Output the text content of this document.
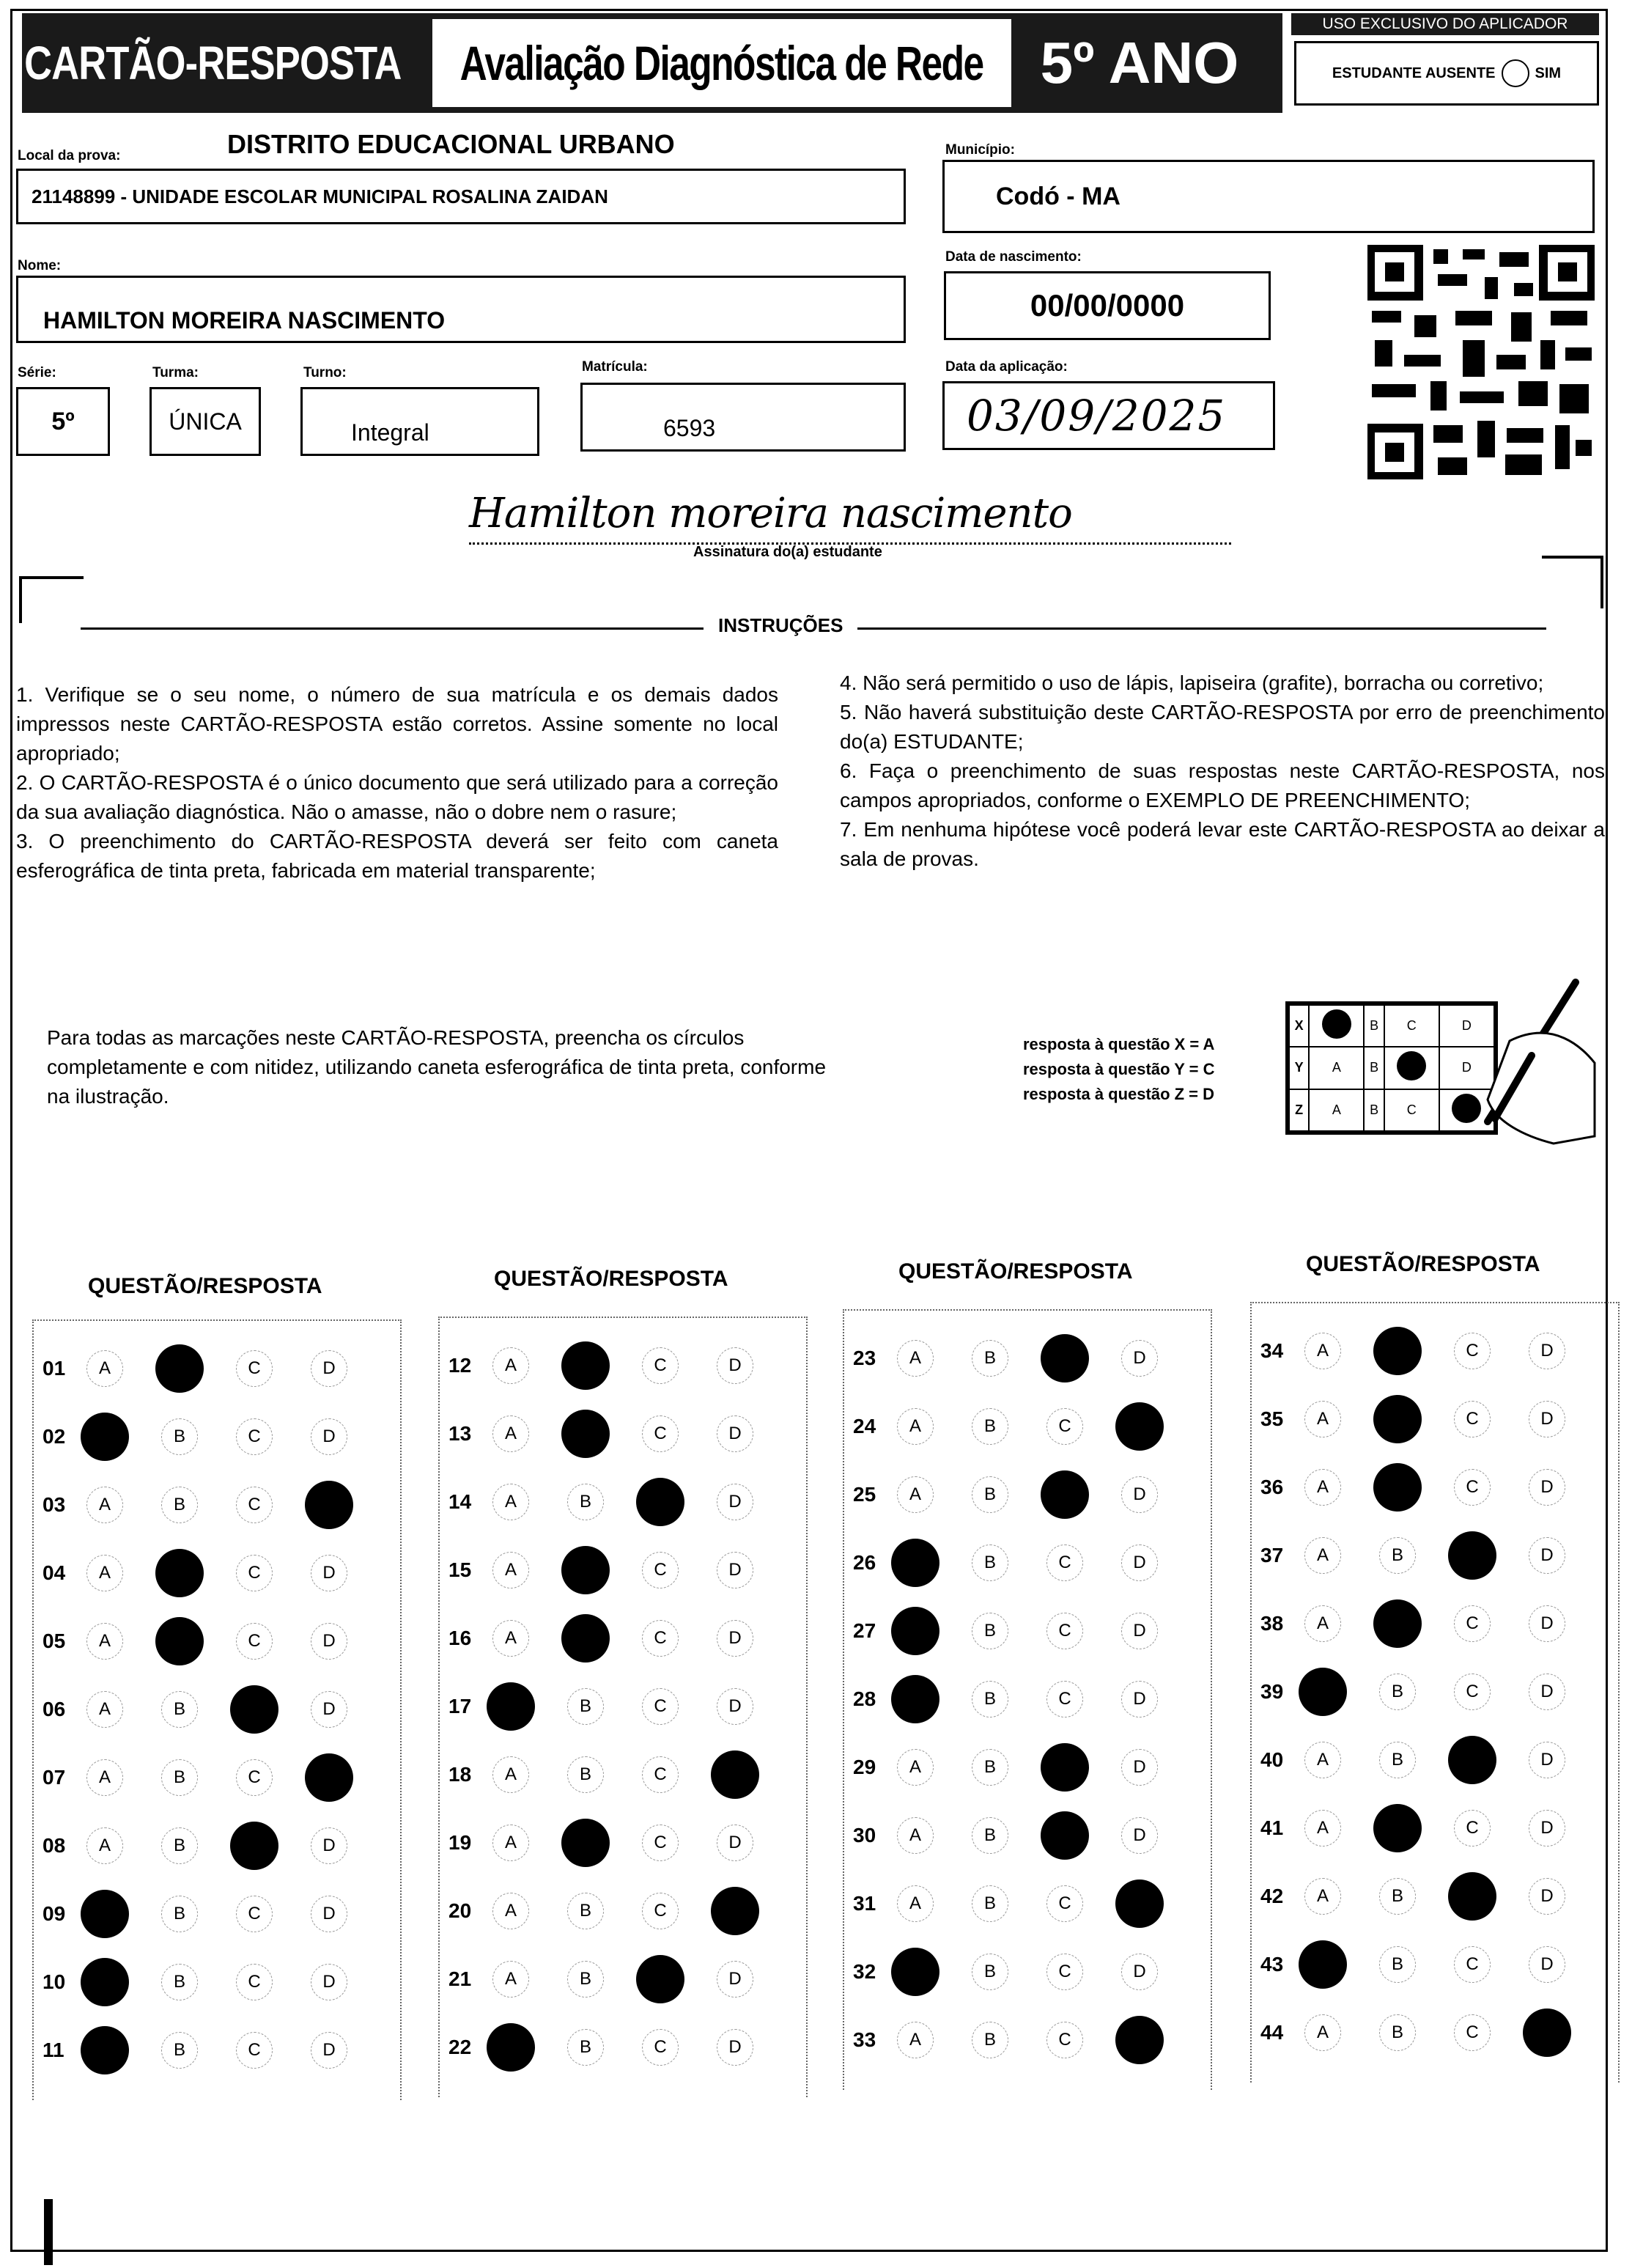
CARTÃO-RESPOSTA Avaliação Diagnóstica de Rede 5º ANO
USO EXCLUSIVO DO APLICADOR
ESTUDANTE AUSENTE	SIM
Local da prova:	DISTRITO EDUCACIONAL URBANO
21148899 - UNIDADE ESCOLAR MUNICIPAL ROSALINA ZAIDAN
Município:
Codó - MA
Nome:
HAMILTON MOREIRA NASCIMENTO
Data de nascimento:
00/00/0000
Série:
5º
Turma:
ÚNICA
Turno:
Integral
Matrícula:
6593
Data da aplicação:
03/09/2025
Hamilton moreira nascimento
Assinatura do(a) estudante
INSTRUÇÕES

1. Verifique se o seu nome, o número de sua matrícula e os demais dados impressos neste CARTÃO-RESPOSTA estão corretos. Assine somente no local apropriado;

2. O CARTÃO-RESPOSTA é o único documento que será utilizado para a correção da sua avaliação diagnóstica. Não o amasse, não o dobre nem o rasure;

3. O preenchimento do CARTÃO-RESPOSTA deverá ser feito com caneta esferográfica de tinta preta, fabricada em material transparente;

4. Não será permitido o uso de lápis, lapiseira (grafite), borracha ou corretivo;

5. Não haverá substituição deste CARTÃO-RESPOSTA por erro de preenchimento do(a) ESTUDANTE;

6. Faça o preenchimento de suas respostas neste CARTÃO-RESPOSTA, nos campos apropriados, conforme o EXEMPLO DE PREENCHIMENTO;

7. Em nenhuma hipótese você poderá levar este CARTÃO-RESPOSTA ao deixar a sala de provas.

Para todas as marcações neste CARTÃO-RESPOSTA, preencha os círculos completamente e com nitidez, utilizando caneta esferográfica de tinta preta, conforme na ilustração.
resposta à questão X = A
resposta à questão Y = C
resposta à questão Z = D
X		B	C	D
Y	A	B		D
Z	A	B	C	
QUESTÃO/RESPOSTA
01	A	C	D
02	B	C	D
03	A	B	C
04	A	C	D
05	A	C	D
06	A	B	D
07	A	B	C
08	A	B	D
09	B	C	D
10	B	C	D
11	B	C	D
QUESTÃO/RESPOSTA
12	A	C	D
13	A	C	D
14	A	B	D
15	A	C	D
16	A	C	D
17	B	C	D
18	A	B	C
19	A	C	D
20	A	B	C
21	A	B	D
22	B	C	D
QUESTÃO/RESPOSTA
23	A	B	D
24	A	B	C
25	A	B	D
26	B	C	D
27	B	C	D
28	B	C	D
29	A	B	D
30	A	B	D
31	A	B	C
32	B	C	D
33	A	B	C
QUESTÃO/RESPOSTA
34	A	C	D
35	A	C	D
36	A	C	D
37	A	B	D
38	A	C	D
39	B	C	D
40	A	B	D
41	A	C	D
42	A	B	D
43	B	C	D
44	A	B	C
